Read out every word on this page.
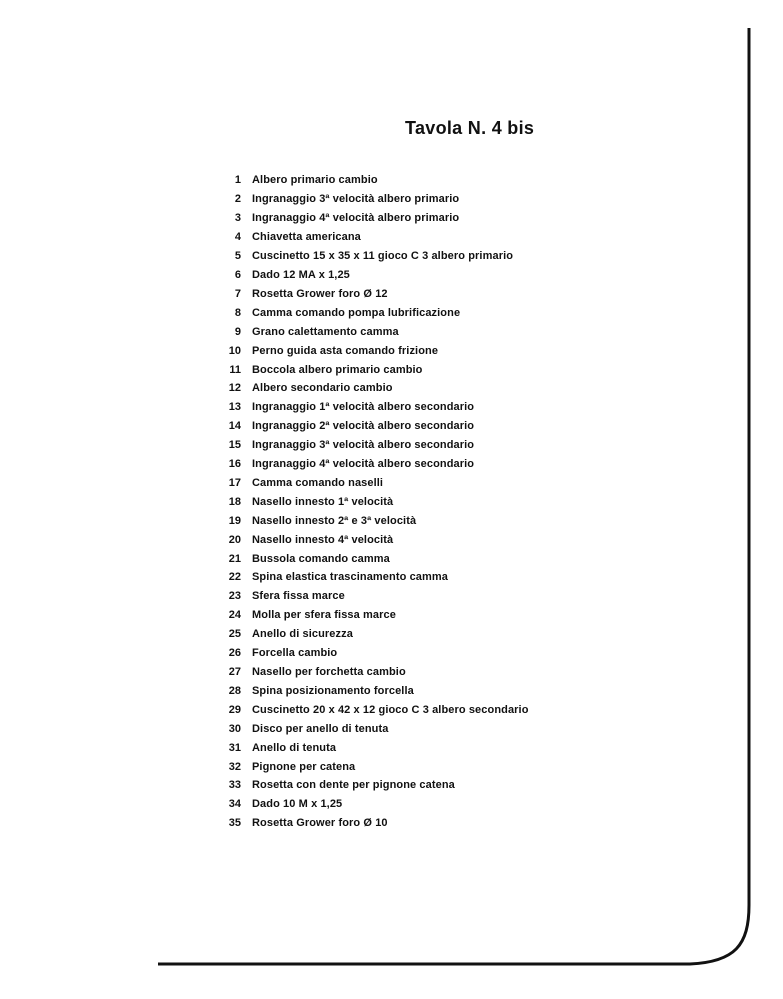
Tavola N. 4 bis
1	Albero primario cambio
2	Ingranaggio 3ª velocità albero primario
3	Ingranaggio 4ª velocità albero primario
4	Chiavetta americana
5	Cuscinetto 15 x 35 x 11 gioco C 3 albero primario
6	Dado 12 MA x 1,25
7	Rosetta Grower foro Ø 12
8	Camma comando pompa lubrificazione
9	Grano calettamento camma
10	Perno guida asta comando frizione
11	Boccola albero primario cambio
12	Albero secondario cambio
13	Ingranaggio 1ª velocità albero secondario
14	Ingranaggio 2ª velocità albero secondario
15	Ingranaggio 3ª velocità albero secondario
16	Ingranaggio 4ª velocità albero secondario
17	Camma comando naselli
18	Nasello innesto 1ª velocità
19	Nasello innesto 2ª e 3ª velocità
20	Nasello innesto 4ª velocità
21	Bussola comando camma
22	Spina elastica trascinamento camma
23	Sfera fissa marce
24	Molla per sfera fissa marce
25	Anello di sicurezza
26	Forcella cambio
27	Nasello per forchetta cambio
28	Spina posizionamento forcella
29	Cuscinetto 20 x 42 x 12 gioco C 3 albero secondario
30	Disco per anello di tenuta
31	Anello di tenuta
32	Pignone per catena
33	Rosetta con dente per pignone catena
34	Dado 10 M x 1,25
35	Rosetta Grower foro Ø 10
